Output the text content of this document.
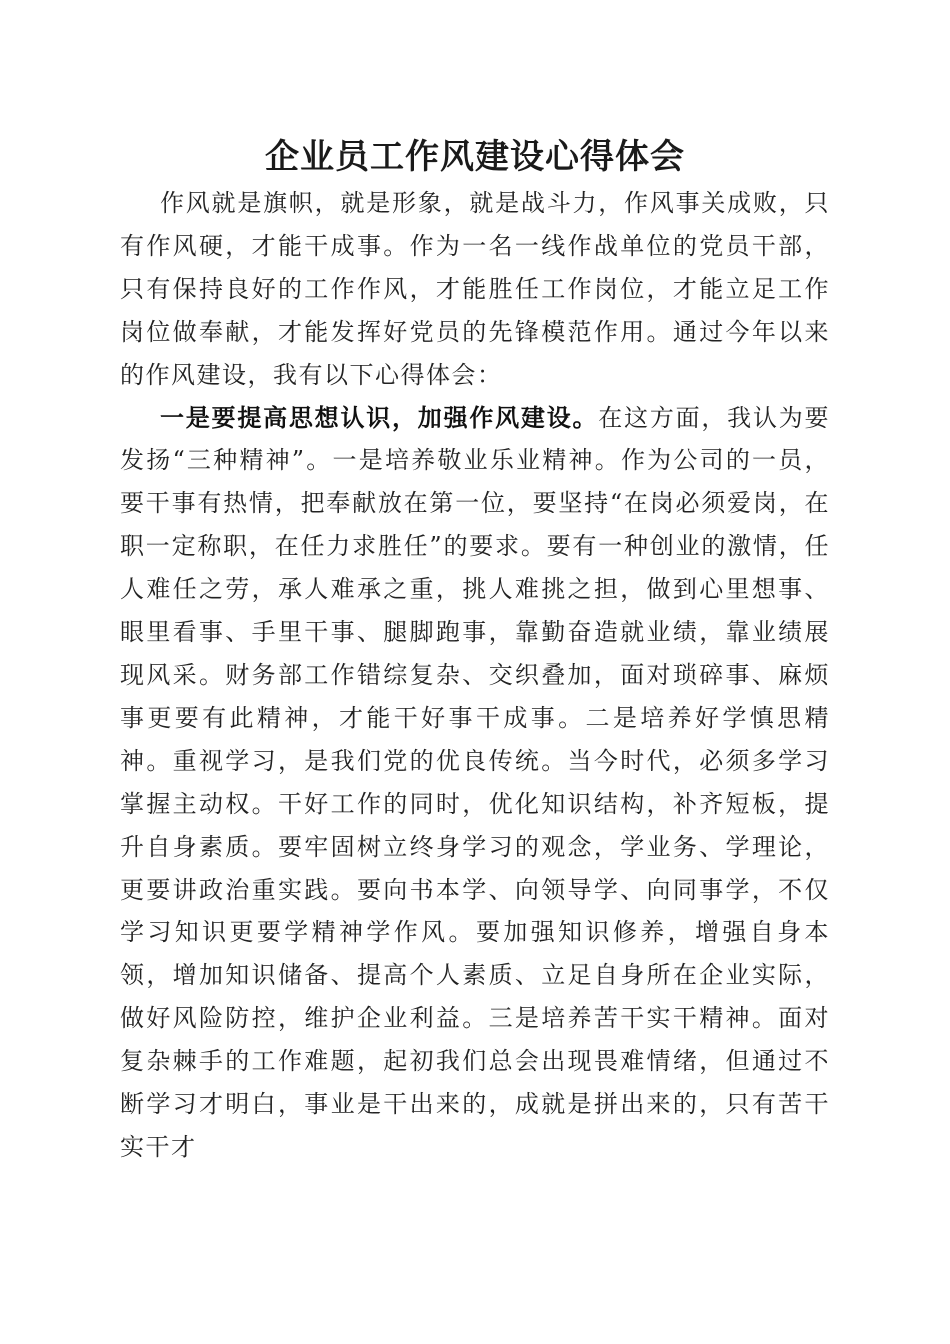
企业员工作风建设心得体会

作风就是旗帜，就是形象，就是战斗力，作风事关成败，只有作风硬，才能干成事。作为一名一线作战单位的党员干部，只有保持良好的工作作风，才能胜任工作岗位，才能立足工作岗位做奉献，才能发挥好党员的先锋模范作用。通过今年以来的作风建设，我有以下心得体会：

一是要提高思想认识，加强作风建设。在这方面，我认为要发扬“三种精神”。一是培养敬业乐业精神。作为公司的一员，要干事有热情，把奉献放在第一位，要坚持“在岗必须爱岗，在职一定称职，在任力求胜任”的要求。要有一种创业的激情，任人难任之劳，承人难承之重，挑人难挑之担，做到心里想事、眼里看事、手里干事、腿脚跑事，靠勤奋造就业绩，靠业绩展现风采。财务部工作错综复杂、交织叠加，面对琐碎事、麻烦事更要有此精神，才能干好事干成事。二是培养好学慎思精神。重视学习，是我们党的优良传统。当今时代，必须多学习掌握主动权。干好工作的同时，优化知识结构，补齐短板，提升自身素质。要牢固树立终身学习的观念，学业务、学理论，更要讲政治重实践。要向书本学、向领导学、向同事学，不仅学习知识更要学精神学作风。要加强知识修养，增强自身本领，增加知识储备、提高个人素质、立足自身所在企业实际，做好风险防控，维护企业利益。三是培养苦干实干精神。面对复杂棘手的工作难题，起初我们总会出现畏难情绪，但通过不断学习才明白，事业是干出来的，成就是拼出来的，只有苦干实干才
